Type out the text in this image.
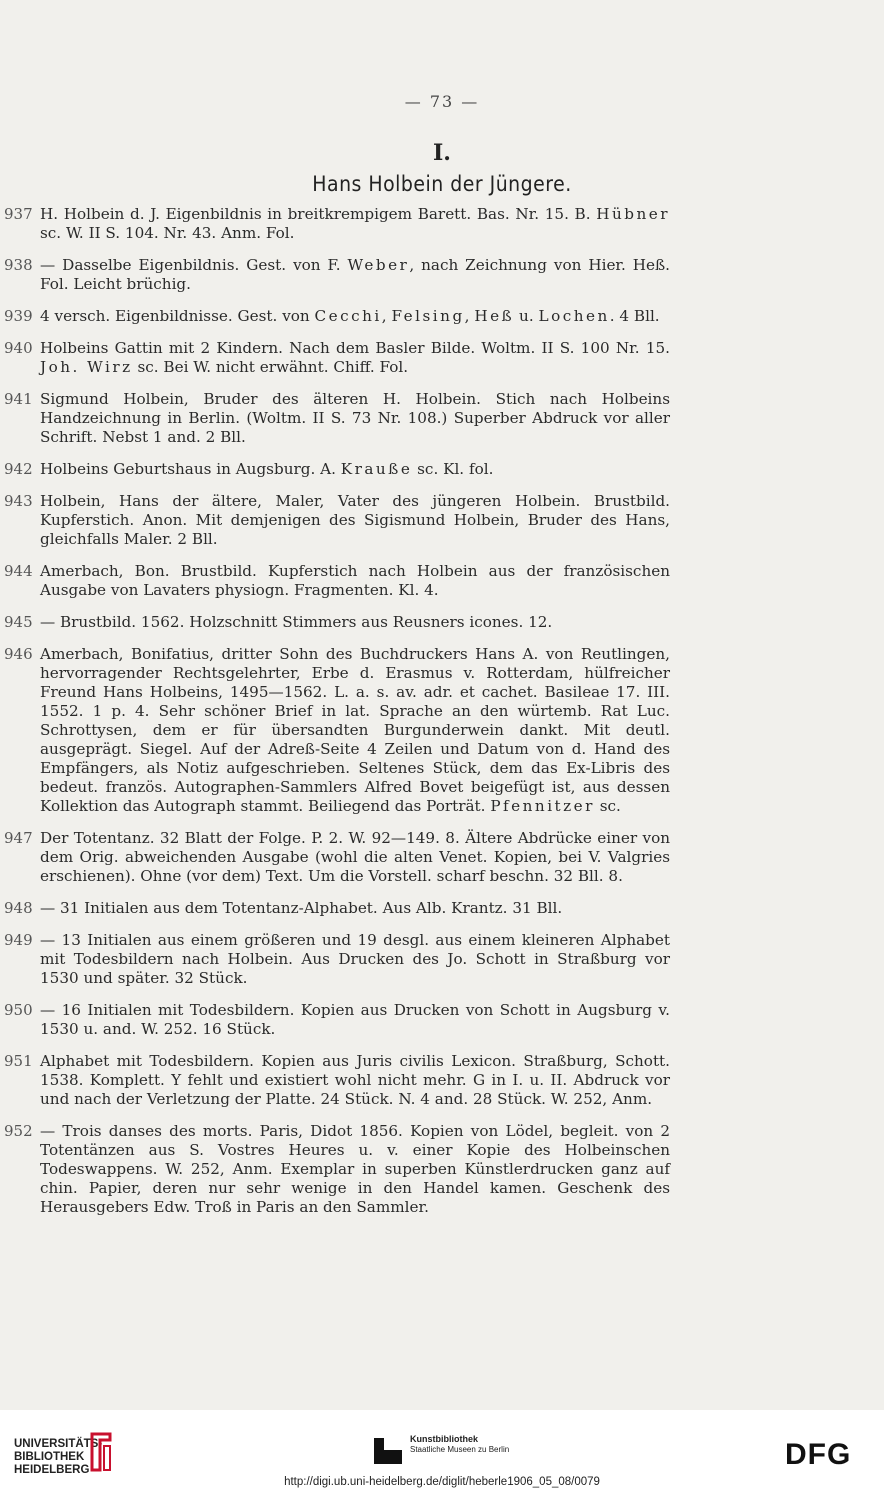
— 73 —
I.
Hans Holbein der Jüngere.
937 H. Holbein d. J. Eigenbildnis in breitkrempigem Barett. Bas. Nr. 15. B. Hübner sc. W. II S. 104. Nr. 43. Anm. Fol.
938 — Dasselbe Eigenbildnis. Gest. von F. Weber, nach Zeichnung von Hier. Heß. Fol. Leicht brüchig.
939 4 versch. Eigenbildnisse. Gest. von Cecchi, Felsing, Heß u. Lochen. 4 Bll.
940 Holbeins Gattin mit 2 Kindern. Nach dem Basler Bilde. Woltm. II S. 100 Nr. 15. Joh. Wirz sc. Bei W. nicht erwähnt. Chiff. Fol.
941 Sigmund Holbein, Bruder des älteren H. Holbein. Stich nach Holbeins Handzeichnung in Berlin. (Woltm. II S. 73 Nr. 108.) Superber Abdruck vor aller Schrift. Nebst 1 and. 2 Bll.
942 Holbeins Geburtshaus in Augsburg. A. Krauße sc. Kl. fol.
943 Holbein, Hans der ältere, Maler, Vater des jüngeren Holbein. Brustbild. Kupferstich. Anon. Mit demjenigen des Sigismund Holbein, Bruder des Hans, gleichfalls Maler. 2 Bll.
944 Amerbach, Bon. Brustbild. Kupferstich nach Holbein aus der französischen Ausgabe von Lavaters physiogn. Fragmenten. Kl. 4.
945 — Brustbild. 1562. Holzschnitt Stimmers aus Reusners icones. 12.
946 Amerbach, Bonifatius, dritter Sohn des Buchdruckers Hans A. von Reutlingen, hervorragender Rechtsgelehrter, Erbe d. Erasmus v. Rotterdam, hülfreicher Freund Hans Holbeins, 1495—1562. L. a. s. av. adr. et cachet. Basileae 17. III. 1552. 1 p. 4. Sehr schöner Brief in lat. Sprache an den würtemb. Rat Luc. Schrottysen, dem er für übersandten Burgunderwein dankt. Mit deutl. ausgeprägt. Siegel. Auf der Adreß-Seite 4 Zeilen und Datum von d. Hand des Empfängers, als Notiz aufgeschrieben. Seltenes Stück, dem das Ex-Libris des bedeut. französ. Autographen-Sammlers Alfred Bovet beigefügt ist, aus dessen Kollektion das Autograph stammt. Beiliegend das Porträt. Pfennitzer sc.
947 Der Totentanz. 32 Blatt der Folge. P. 2. W. 92—149. 8. Ältere Abdrücke einer von dem Orig. abweichenden Ausgabe (wohl die alten Venet. Kopien, bei V. Valgries erschienen). Ohne (vor dem) Text. Um die Vorstell. scharf beschn. 32 Bll. 8.
948 — 31 Initialen aus dem Totentanz-Alphabet. Aus Alb. Krantz. 31 Bll.
949 — 13 Initialen aus einem größeren und 19 desgl. aus einem kleineren Alphabet mit Todesbildern nach Holbein. Aus Drucken des Jo. Schott in Straßburg vor 1530 und später. 32 Stück.
950 — 16 Initialen mit Todesbildern. Kopien aus Drucken von Schott in Augsburg v. 1530 u. and. W. 252. 16 Stück.
951 Alphabet mit Todesbildern. Kopien aus Juris civilis Lexicon. Straßburg, Schott. 1538. Komplett. Y fehlt und existiert wohl nicht mehr. G in I. u. II. Abdruck vor und nach der Verletzung der Platte. 24 Stück. N. 4 and. 28 Stück. W. 252, Anm.
952 — Trois danses des morts. Paris, Didot 1856. Kopien von Lödel, begleit. von 2 Totentänzen aus S. Vostres Heures u. v. einer Kopie des Holbeinschen Todeswappens. W. 252, Anm. Exemplar in superben Künstlerdrucken ganz auf chin. Papier, deren nur sehr wenige in den Handel kamen. Geschenk des Herausgebers Edw. Troß in Paris an den Sammler.
UNIVERSITÄTS- BIBLIOTHEK HEIDELBERG
Kunstbibliothek
Staatliche Museen zu Berlin	DFG
http://digi.ub.uni-heidelberg.de/diglit/heberle1906_05_08/0079
